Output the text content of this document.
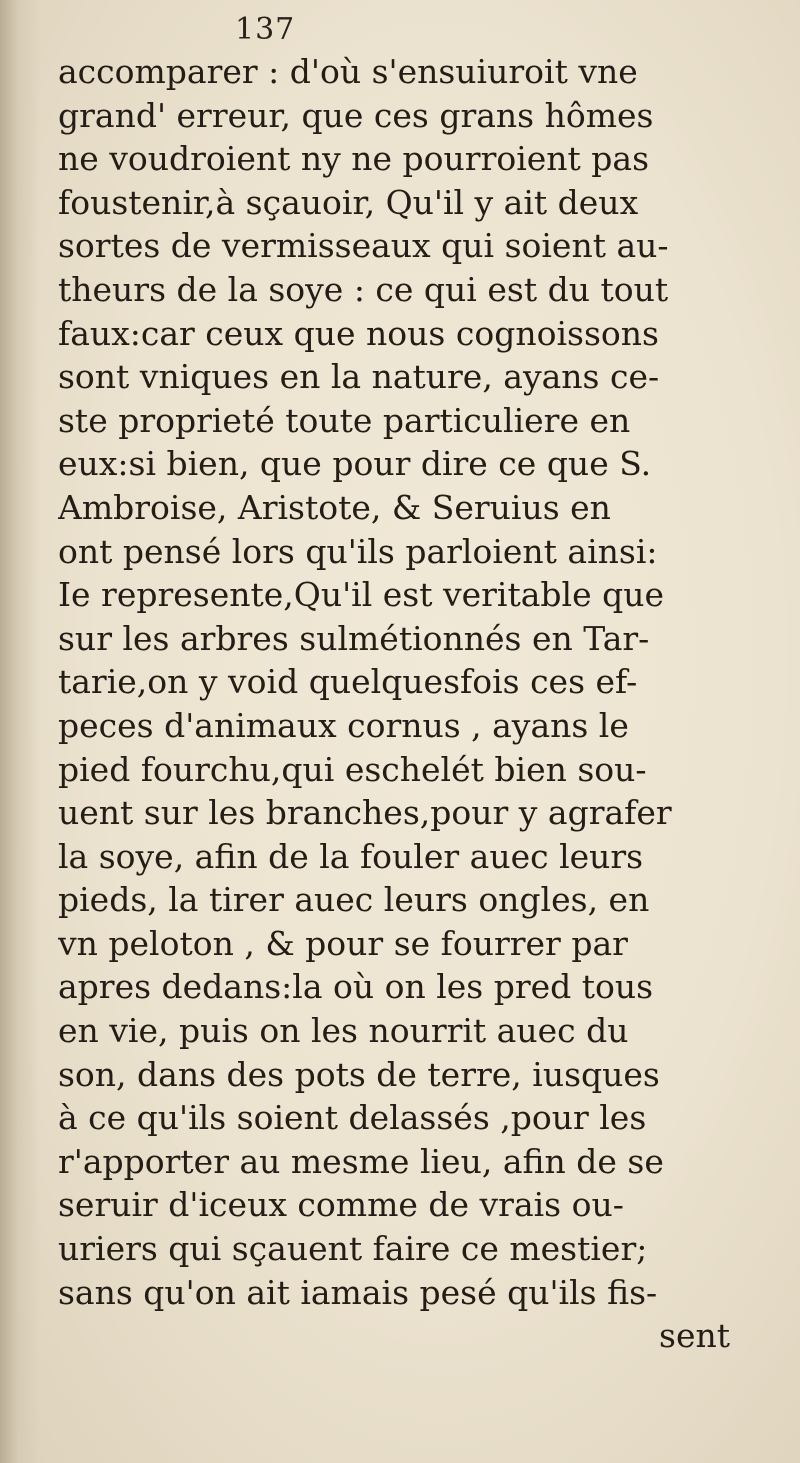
137
accomparer : d'où s'ensuiuroit vne
grand' erreur, que ces grans hômes
ne voudroient ny ne pourroient pas
foustenir,à sçauoir, Qu'il y ait deux
sortes de vermisseaux qui soient au-
theurs de la soye : ce qui est du tout
faux:car ceux que nous cognoissons
sont vniques en la nature, ayans ce-
ste proprieté toute particuliere en
eux:si bien, que pour dire ce que S.
Ambroise, Aristote, & Seruius en
ont pensé lors qu'ils parloient ainsi:
Ie represente,Qu'il est veritable que
sur les arbres sulmétionnés en Tar-
tarie,on y void quelquesfois ces ef-
peces d'animaux cornus , ayans le
pied fourchu,qui eschelét bien sou-
uent sur les branches,pour y agrafer
la soye, afin de la fouler auec leurs
pieds, la tirer auec leurs ongles, en
vn peloton , & pour se fourrer par
apres dedans:la où on les pred tous
en vie, puis on les nourrit auec du
son, dans des pots de terre, iusques
à ce qu'ils soient delassés ,pour les
r'apporter au mesme lieu, afin de se
seruir d'iceux comme de vrais ou-
uriers qui sçauent faire ce mestier;
sans qu'on ait iamais pesé qu'ils fis-
sent
